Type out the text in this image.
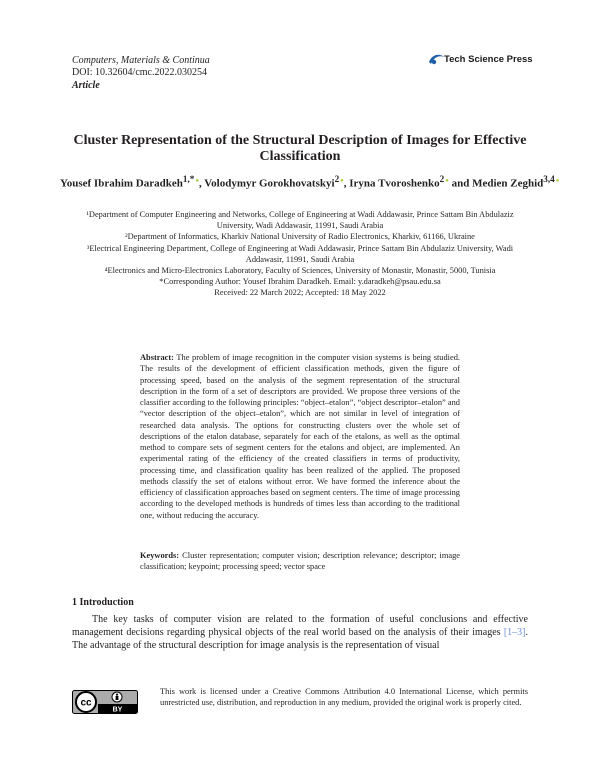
Computers, Materials & Continua
DOI: 10.32604/cmc.2022.030254
Article
Tech Science Press
Cluster Representation of the Structural Description of Images for Effective Classification
Yousef Ibrahim Daradkeh$^{1,*}$●, Volodymyr Gorokhovatskyi$^2$●, Iryna Tvoroshenko$^2$● and Medien Zeghid$^{3,4}$●
¹Department of Computer Engineering and Networks, College of Engineering at Wadi Addawasir, Prince Sattam Bin Abdulaziz University, Wadi Addawasir, 11991, Saudi Arabia
²Department of Informatics, Kharkiv National University of Radio Electronics, Kharkiv, 61166, Ukraine
³Electrical Engineering Department, College of Engineering at Wadi Addawasir, Prince Sattam Bin Abdulaziz University, Wadi Addawasir, 11991, Saudi Arabia
⁴Electronics and Micro-Electronics Laboratory, Faculty of Sciences, University of Monastir, Monastir, 5000, Tunisia
*Corresponding Author: Yousef Ibrahim Daradkeh. Email: y.daradkeh@psau.edu.sa
Received: 22 March 2022; Accepted: 18 May 2022
Abstract: The problem of image recognition in the computer vision systems is being studied. The results of the development of efficient classification methods, given the figure of processing speed, based on the analysis of the segment representation of the structural description in the form of a set of descriptors are provided. We propose three versions of the classifier according to the following principles: “object–etalon”, “object descriptor–etalon” and “vector description of the object–etalon”, which are not similar in level of integration of researched data analysis. The options for constructing clusters over the whole set of descriptions of the etalon database, separately for each of the etalons, as well as the optimal method to compare sets of segment centers for the etalons and object, are implemented. An experimental rating of the efficiency of the created classifiers in terms of productivity, processing time, and classification quality has been realized of the applied. The proposed methods classify the set of etalons without error. We have formed the inference about the efficiency of classification approaches based on segment centers. The time of image processing according to the developed methods is hundreds of times less than according to the traditional one, without reducing the accuracy.
Keywords: Cluster representation; computer vision; description relevance; descriptor; image classification; keypoint; processing speed; vector space
1 Introduction
The key tasks of computer vision are related to the formation of useful conclusions and effective management decisions regarding physical objects of the real world based on the analysis of their images [1–3]. The advantage of the structural description for image analysis is the representation of visual
cc
BY
This work is licensed under a Creative Commons Attribution 4.0 International License, which permits unrestricted use, distribution, and reproduction in any medium, provided the original work is properly cited.
